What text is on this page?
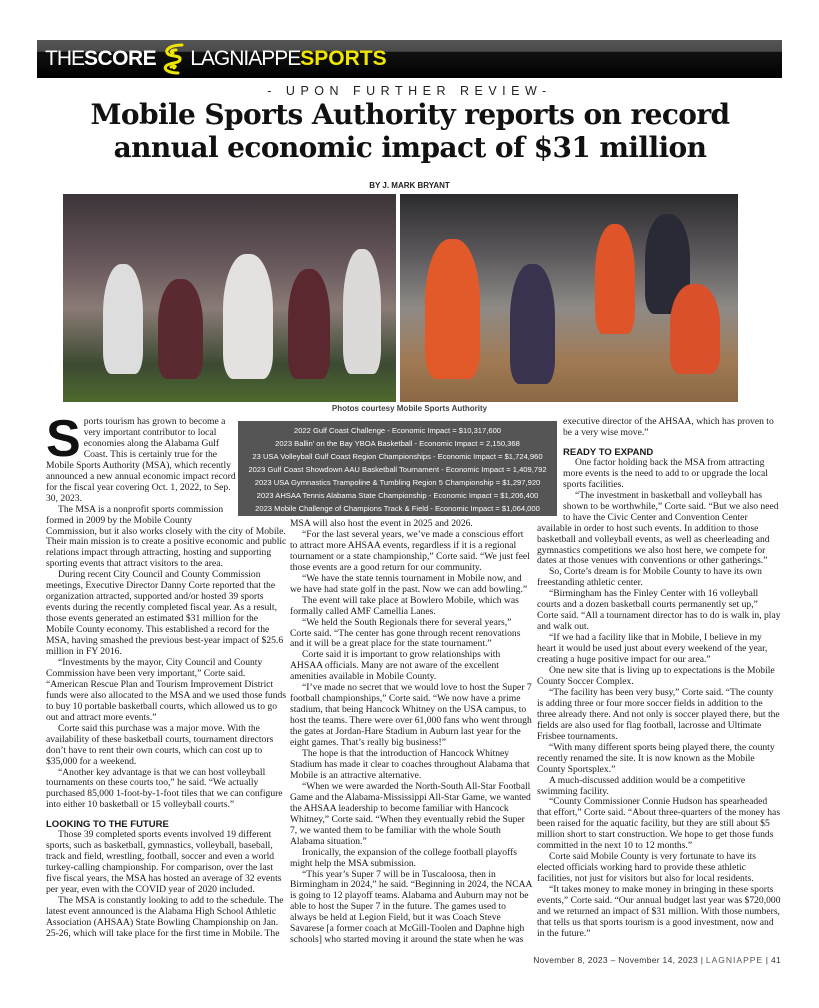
THE SCORE LAGNIAPPE SPORTS
- UPON FURTHER REVIEW-
Mobile Sports Authority reports on record
annual economic impact of $31 million
BY J. MARK BRYANT
Photos courtesy Mobile Sports Authority
2022 Gulf Coast Challenge - Economic Impact = $10,317,600
2023 Ballin' on the Bay YBOA Basketball - Economic Impact = 2,150,368
23 USA Volleyball Gulf Coast Region Championships - Economic Impact = $1,724,960
2023 Gulf Coast Showdown AAU Basketball Tournament - Economic Impact = 1,409,792
2023 USA Gymnastics Trampoline & Tumbling Region 5 Championship = $1,297,920
2023 AHSAA Tennis Alabama State Championship - Economic Impact = $1,206,400
2023 Mobile Challenge of Champions Track & Field - Economic Impact = $1,064,000
S ports tourism has grown to become a very important contributor to local economies along the Alabama Gulf Coast. This is certainly true for the Mobile Sports Authority (MSA), which recently announced a new annual economic impact record for the fiscal year covering Oct. 1, 2022, to Sep. 30, 2023.

The MSA is a nonprofit sports commission formed in 2009 by the Mobile County Commission, but it also works closely with the city of Mobile. Their main mission is to create a positive economic and public relations impact through attracting, hosting and supporting sporting events that attract visitors to the area.

During recent City Council and County Commission meetings, Executive Director Danny Corte reported that the organization attracted, supported and/or hosted 39 sports events during the recently completed fiscal year. As a result, those events generated an estimated $31 million for the Mobile County economy. This established a record for the MSA, having smashed the previous best-year impact of $25.6 million in FY 2016.

“Investments by the mayor, City Council and County Commission have been very important,” Corte said. “American Rescue Plan and Tourism Improvement District funds were also allocated to the MSA and we used those funds to buy 10 portable basketball courts, which allowed us to go out and attract more events.”

Corte said this purchase was a major move. With the availability of these basketball courts, tournament directors don’t have to rent their own courts, which can cost up to $35,000 for a weekend.

“Another key advantage is that we can host volleyball tournaments on these courts too,” he said. “We actually purchased 85,000 1-foot-by-1-foot tiles that we can configure into either 10 basketball or 15 volleyball courts.”

LOOKING TO THE FUTURE

Those 39 completed sports events involved 19 different sports, such as basketball, gymnastics, volleyball, baseball, track and field, wrestling, football, soccer and even a world turkey-calling championship. For comparison, over the last five fiscal years, the MSA has hosted an average of 32 events per year, even with the COVID year of 2020 included.

The MSA is constantly looking to add to the schedule. The latest event announced is the Alabama High School Athletic Association (AHSAA) State Bowling Championship on Jan. 25-26, which will take place for the first time in Mobile. The

MSA will also host the event in 2025 and 2026.

“For the last several years, we’ve made a conscious effort to attract more AHSAA events, regardless if it is a regional tournament or a state championship,” Corte said. “We just feel those events are a good return for our community.

“We have the state tennis tournament in Mobile now, and we have had state golf in the past. Now we can add bowling.”

The event will take place at Bowlero Mobile, which was formally called AMF Camellia Lanes.

“We held the South Regionals there for several years,” Corte said. “The center has gone through recent renovations and it will be a great place for the state tournament.”

Corte said it is important to grow relationships with AHSAA officials. Many are not aware of the excellent amenities available in Mobile County.

“I’ve made no secret that we would love to host the Super 7 football championships,” Corte said. “We now have a prime stadium, that being Hancock Whitney on the USA campus, to host the teams. There were over 61,000 fans who went through the gates at Jordan-Hare Stadium in Auburn last year for the eight games. That’s really big business!”

The hope is that the introduction of Hancock Whitney Stadium has made it clear to coaches throughout Alabama that Mobile is an attractive alternative.

“When we were awarded the North-South All-Star Football Game and the Alabama-Mississippi All-Star Game, we wanted the AHSAA leadership to become familiar with Hancock Whitney,” Corte said. “When they eventually rebid the Super 7, we wanted them to be familiar with the whole South Alabama situation.”

Ironically, the expansion of the college football playoffs might help the MSA submission.

“This year’s Super 7 will be in Tuscaloosa, then in Birmingham in 2024,” he said. “Beginning in 2024, the NCAA is going to 12 playoff teams. Alabama and Auburn may not be able to host the Super 7 in the future. The games used to always be held at Legion Field, but it was Coach Steve Savarese [a former coach at McGill-Toolen and Daphne high schools] who started moving it around the state when he was

executive director of the AHSAA, which has proven to be a very wise move.”

READY TO EXPAND

One factor holding back the MSA from attracting more events is the need to add to or upgrade the local sports facilities.

“The investment in basketball and volleyball has shown to be worthwhile,” Corte said. “But we also need to have the Civic Center and Convention Center available in order to host such events. In addition to those basketball and volleyball events, as well as cheerleading and gymnastics competitions we also host here, we compete for dates at those venues with conventions or other gatherings.”

So, Corte’s dream is for Mobile County to have its own freestanding athletic center.

“Birmingham has the Finley Center with 16 volleyball courts and a dozen basketball courts permanently set up,” Corte said. “All a tournament director has to do is walk in, play and walk out.

“If we had a facility like that in Mobile, I believe in my heart it would be used just about every weekend of the year, creating a huge positive impact for our area.”

One new site that is living up to expectations is the Mobile County Soccer Complex.

“The facility has been very busy,” Corte said. “The county is adding three or four more soccer fields in addition to the three already there. And not only is soccer played there, but the fields are also used for flag football, lacrosse and Ultimate Frisbee tournaments.

“With many different sports being played there, the county recently renamed the site. It is now known as the Mobile County Sportsplex.”

A much-discussed addition would be a competitive swimming facility.

“County Commissioner Connie Hudson has spearheaded that effort,” Corte said. “About three-quarters of the money has been raised for the aquatic facility, but they are still about $5 million short to start construction. We hope to get those funds committed in the next 10 to 12 months.”

Corte said Mobile County is very fortunate to have its elected officials working hard to provide these athletic facilities, not just for visitors but also for local residents.

“It takes money to make money in bringing in these sports events,” Corte said. “Our annual budget last year was $720,000 and we returned an impact of $31 million. With those numbers, that tells us that sports tourism is a good investment, now and in the future.”

November 8, 2023 – November 14, 2023 | LAGNIAPPE | 41
